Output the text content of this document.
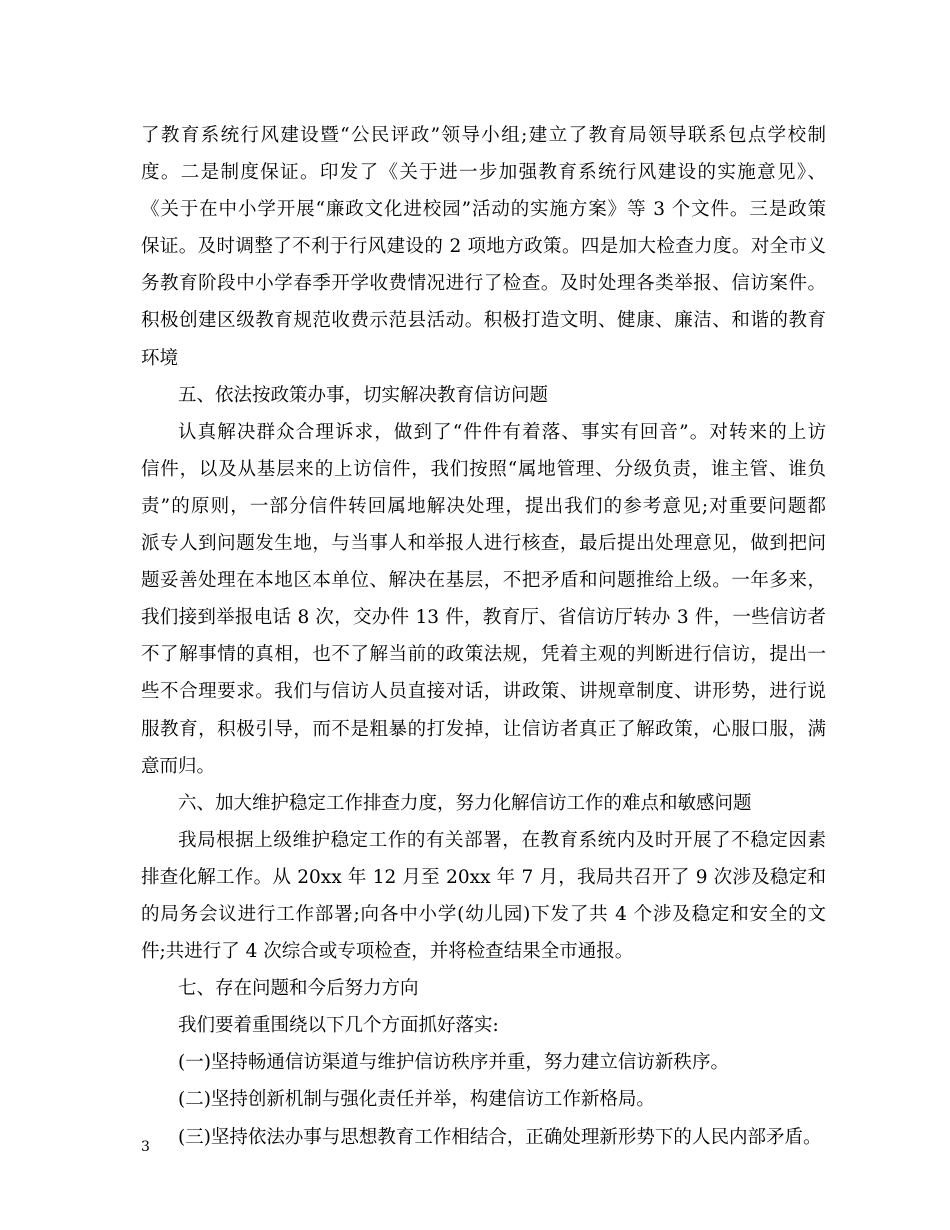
了教育系统行风建设暨“公民评政”领导小组;建立了教育局领导联系包点学校制
度。二是制度保证。印发了《关于进一步加强教育系统行风建设的实施意见》、
《关于在中小学开展“廉政文化进校园”活动的实施方案》等 3 个文件。三是政策
保证。及时调整了不利于行风建设的 2 项地方政策。四是加大检查力度。对全市义
务教育阶段中小学春季开学收费情况进行了检查。及时处理各类举报、信访案件。
积极创建区级教育规范收费示范县活动。积极打造文明、健康、廉洁、和谐的教育
环境
五、依法按政策办事，切实解决教育信访问题
认真解决群众合理诉求，做到了“件件有着落、事实有回音”。对转来的上访
信件，以及从基层来的上访信件，我们按照“属地管理、分级负责，谁主管、谁负
责”的原则，一部分信件转回属地解决处理，提出我们的参考意见;对重要问题都
派专人到问题发生地，与当事人和举报人进行核查，最后提出处理意见，做到把问
题妥善处理在本地区本单位、解决在基层，不把矛盾和问题推给上级。一年多来，
我们接到举报电话 8 次，交办件 13 件，教育厅、省信访厅转办 3 件，一些信访者
不了解事情的真相，也不了解当前的政策法规，凭着主观的判断进行信访，提出一
些不合理要求。我们与信访人员直接对话，讲政策、讲规章制度、讲形势，进行说
服教育，积极引导，而不是粗暴的打发掉，让信访者真正了解政策，心服口服，满
意而归。
六、加大维护稳定工作排查力度，努力化解信访工作的难点和敏感问题
我局根据上级维护稳定工作的有关部署，在教育系统内及时开展了不稳定因素
排查化解工作。从 20xx 年 12 月至 20xx 年 7 月，我局共召开了 9 次涉及稳定和
的局务会议进行工作部署;向各中小学(幼儿园)下发了共 4 个涉及稳定和安全的文
件;共进行了 4 次综合或专项检查，并将检查结果全市通报。
七、存在问题和今后努力方向
我们要着重围绕以下几个方面抓好落实:
(一)坚持畅通信访渠道与维护信访秩序并重，努力建立信访新秩序。
(二)坚持创新机制与强化责任并举，构建信访工作新格局。
(三)坚持依法办事与思想教育工作相结合，正确处理新形势下的人民内部矛盾。
3
